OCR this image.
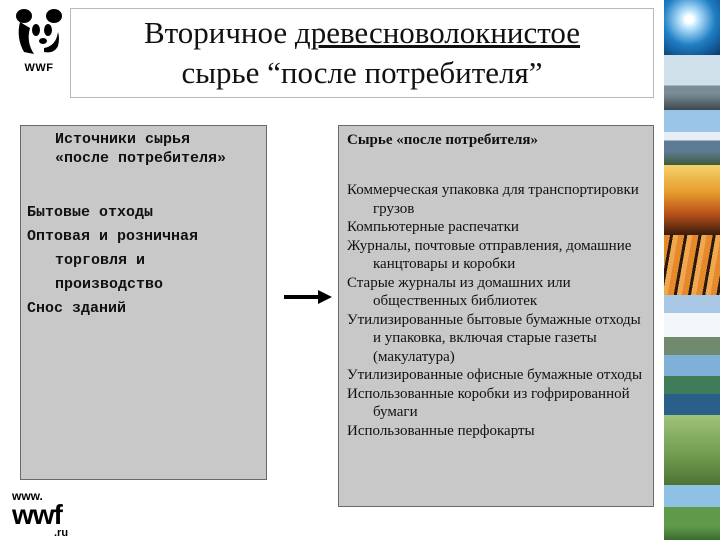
WWF
Вторичное древесноволокнистое
сырье “после потребителя”
Источники сырья
«после потребителя»
Бытовые отходы
Оптовая и розничная
торговля и
производство
Снос зданий
Сырье «после потребителя»
Коммерческая упаковка для транспортировки грузов
Компьютерные распечатки
Журналы, почтовые отправления, домашние канцтовары и коробки
Старые журналы из домашних или общественных библиотек
Утилизированные бытовые бумажные отходы и упаковка, включая старые газеты (макулатура)
Утилизированные офисные бумажные отходы
Использованные коробки из гофрированной бумаги
Использованные перфокарты
www.
wwf
.ru
